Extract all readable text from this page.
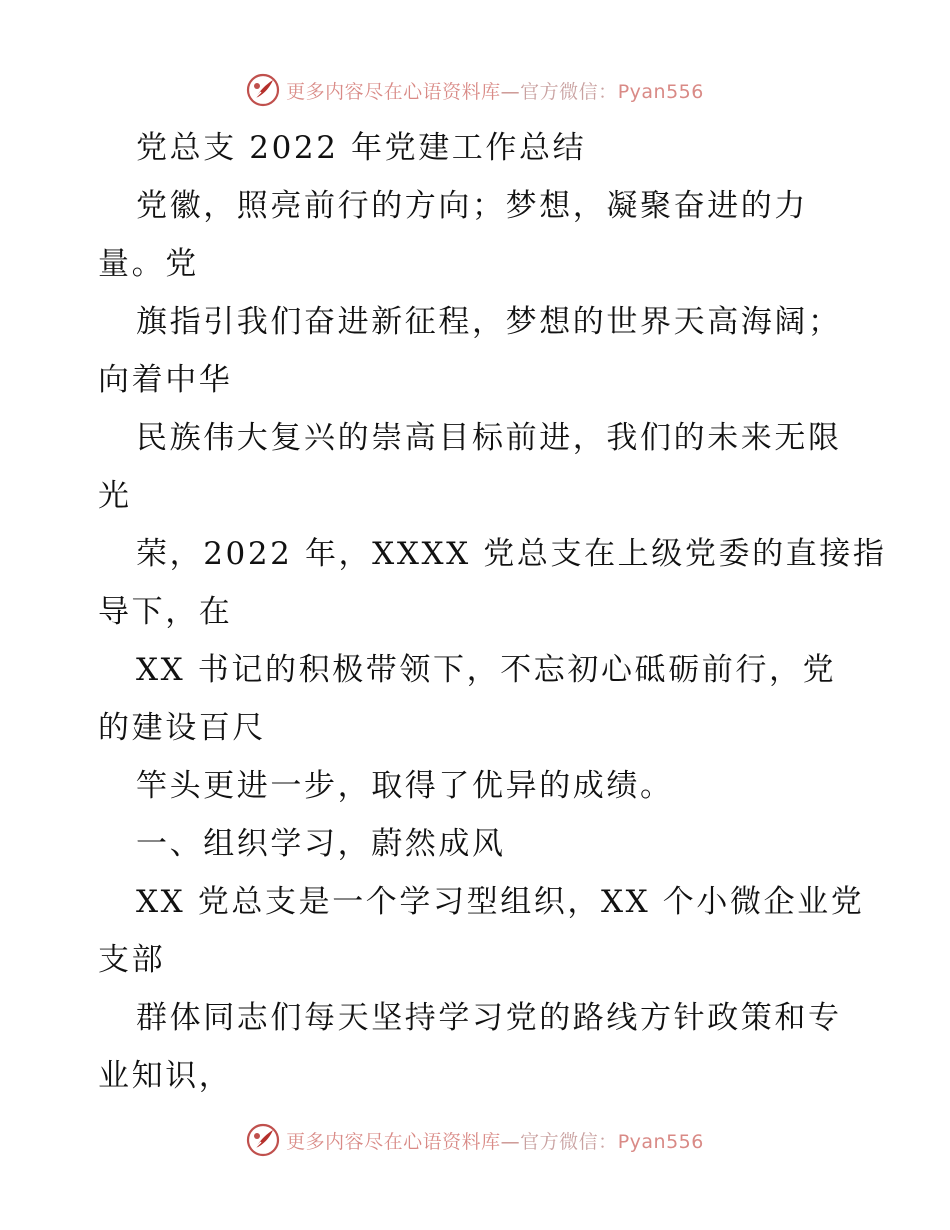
更多内容尽在心语资料库—官方微信：Pyan556
党总支 2022 年党建工作总结
党徽，照亮前行的方向；梦想，凝聚奋进的力
量。党
旗指引我们奋进新征程，梦想的世界天高海阔；
向着中华
民族伟大复兴的崇高目标前进，我们的未来无限
光
荣，2022 年，XXXX 党总支在上级党委的直接指
导下，在
XX 书记的积极带领下，不忘初心砥砺前行，党
的建设百尺
竿头更进一步，取得了优异的成绩。
一、组织学习，蔚然成风
XX 党总支是一个学习型组织，XX 个小微企业党
支部
群体同志们每天坚持学习党的路线方针政策和专
业知识，
更多内容尽在心语资料库—官方微信：Pyan556
